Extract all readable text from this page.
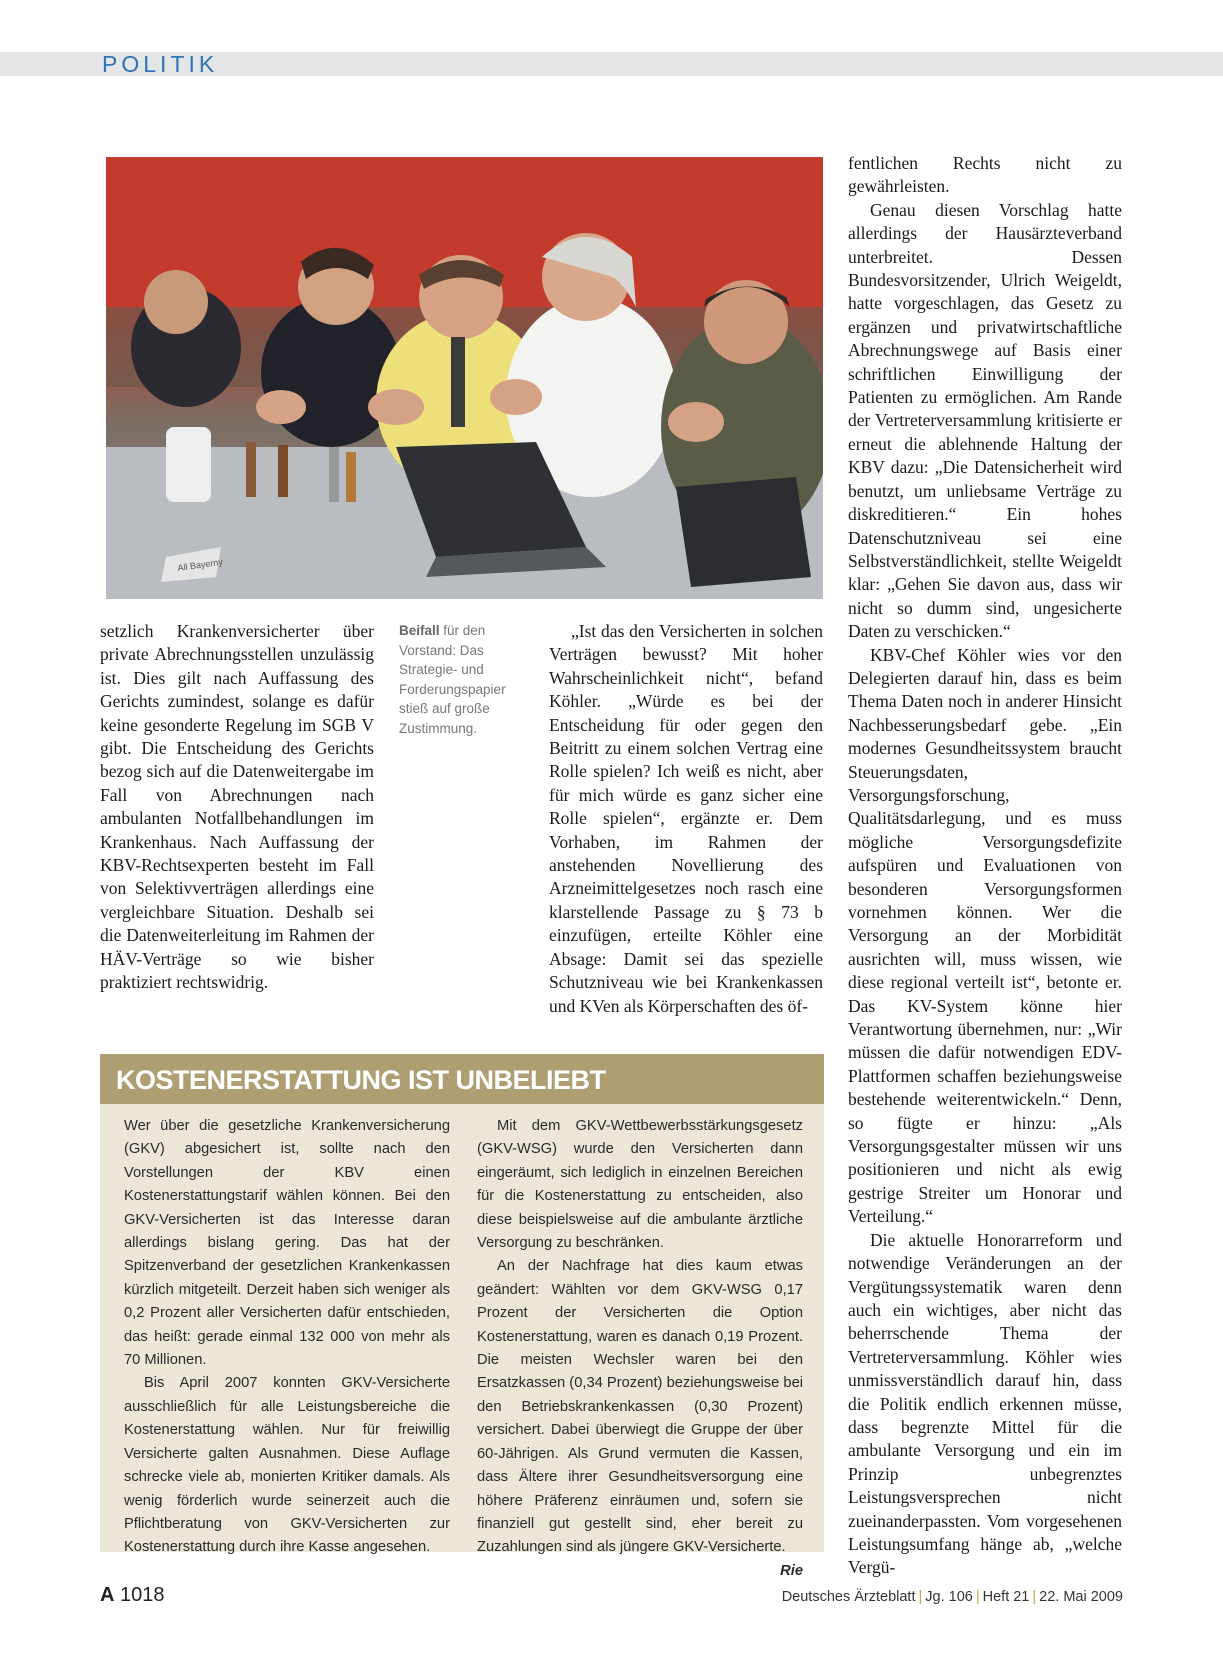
POLITIK
All Bayerny

setzlich Krankenversicherter über private Abrechnungsstellen unzulässig ist. Dies gilt nach Auffassung des Gerichts zumindest, solange es dafür keine gesonderte Regelung im SGB V gibt. Die Entscheidung des Gerichts bezog sich auf die Datenweitergabe im Fall von Abrechnungen nach ambulanten Notfallbehandlungen im Krankenhaus. Nach Auffassung der KBV-Rechtsexperten besteht im Fall von Selektivverträgen allerdings eine vergleichbare Situation. Deshalb sei die Datenweiterleitung im Rahmen der HÄV-Verträge so wie bisher praktiziert rechtswidrig.

Beifall für den Vorstand: Das Strategie- und Forderungspapier stieß auf große Zustimmung.

„Ist das den Versicherten in solchen Verträgen bewusst? Mit hoher Wahrscheinlichkeit nicht“, befand Köhler. „Würde es bei der Entscheidung für oder gegen den Beitritt zu einem solchen Vertrag eine Rolle spielen? Ich weiß es nicht, aber für mich würde es ganz sicher eine Rolle spielen“, ergänzte er. Dem Vorhaben, im Rahmen der anstehenden Novellierung des Arzneimittelgesetzes noch rasch eine klarstellende Passage zu § 73 b einzufügen, erteilte Köhler eine Absage: Damit sei das spezielle Schutzniveau wie bei Krankenkassen und KVen als Körperschaften des öf-

fentlichen Rechts nicht zu gewährleisten.

Genau diesen Vorschlag hatte allerdings der Hausärzteverband unterbreitet. Dessen Bundesvorsitzender, Ulrich Weigeldt, hatte vorgeschlagen, das Gesetz zu ergänzen und privatwirtschaftliche Abrechnungswege auf Basis einer schriftlichen Einwilligung der Patienten zu ermöglichen. Am Rande der Vertreterversammlung kritisierte er erneut die ablehnende Haltung der KBV dazu: „Die Datensicherheit wird benutzt, um unliebsame Verträge zu diskreditieren.“ Ein hohes Datenschutzniveau sei eine Selbstverständlichkeit, stellte Weigeldt klar: „Gehen Sie davon aus, dass wir nicht so dumm sind, ungesicherte Daten zu verschicken.“

KBV-Chef Köhler wies vor den Delegierten darauf hin, dass es beim Thema Daten noch in anderer Hinsicht Nachbesserungsbedarf gebe. „Ein modernes Gesundheitssystem braucht Steuerungsdaten, Versorgungsforschung, Qualitätsdarlegung, und es muss mögliche Versorgungsdefizite aufspüren und Evaluationen von besonderen Versorgungsformen vornehmen können. Wer die Versorgung an der Morbidität ausrichten will, muss wissen, wie diese regional verteilt ist“, betonte er. Das KV-System könne hier Verantwortung übernehmen, nur: „Wir müssen die dafür notwendigen EDV-Plattformen schaffen beziehungsweise bestehende weiterentwickeln.“ Denn, so fügte er hinzu: „Als Versorgungsgestalter müssen wir uns positionieren und nicht als ewig gestrige Streiter um Honorar und Verteilung.“

Die aktuelle Honorarreform und notwendige Veränderungen an der Vergütungssystematik waren denn auch ein wichtiges, aber nicht das beherrschende Thema der Vertreterversammlung. Köhler wies unmissverständlich darauf hin, dass die Politik endlich erkennen müsse, dass begrenzte Mittel für die ambulante Versorgung und ein im Prinzip unbegrenztes Leistungsversprechen nicht zueinanderpassten. Vom vorgesehenen Leistungsumfang hänge ab, „welche Vergü-

KOSTENERSTATTUNG IST UNBELIEBT

Wer über die gesetzliche Krankenversicherung (GKV) abgesichert ist, sollte nach den Vorstellungen der KBV einen Kostenerstattungstarif wählen können. Bei den GKV-Versicherten ist das Interesse daran allerdings bislang gering. Das hat der Spitzenverband der gesetzlichen Krankenkassen kürzlich mitgeteilt. Derzeit haben sich weniger als 0,2 Prozent aller Versicherten dafür entschieden, das heißt: gerade einmal 132 000 von mehr als 70 Millionen.

Bis April 2007 konnten GKV-Versicherte ausschließlich für alle Leistungsbereiche die Kostenerstattung wählen. Nur für freiwillig Versicherte galten Ausnahmen. Diese Auflage schrecke viele ab, monierten Kritiker damals. Als wenig förderlich wurde seinerzeit auch die Pflichtberatung von GKV-Versicherten zur Kostenerstattung durch ihre Kasse angesehen.

Mit dem GKV-Wettbewerbsstärkungsgesetz (GKV-WSG) wurde den Versicherten dann eingeräumt, sich lediglich in einzelnen Bereichen für die Kostenerstattung zu entscheiden, also diese beispielsweise auf die ambulante ärztliche Versorgung zu beschränken.

An der Nachfrage hat dies kaum etwas geändert: Wählten vor dem GKV-WSG 0,17 Prozent der Versicherten die Option Kostenerstattung, waren es danach 0,19 Prozent. Die meisten Wechsler waren bei den Ersatzkassen (0,34 Prozent) beziehungsweise bei den Betriebskrankenkassen (0,30 Prozent) versichert. Dabei überwiegt die Gruppe der über 60-Jährigen. Als Grund vermuten die Kassen, dass Ältere ihrer Gesundheitsversorgung eine höhere Präferenz einräumen und, sofern sie finanziell gut gestellt sind, eher bereit zu Zuzahlungen sind als jüngere GKV-Versicherte.
Rie

A 1018	Deutsches Ärzteblatt | Jg. 106 | Heft 21 | 22. Mai 2009
